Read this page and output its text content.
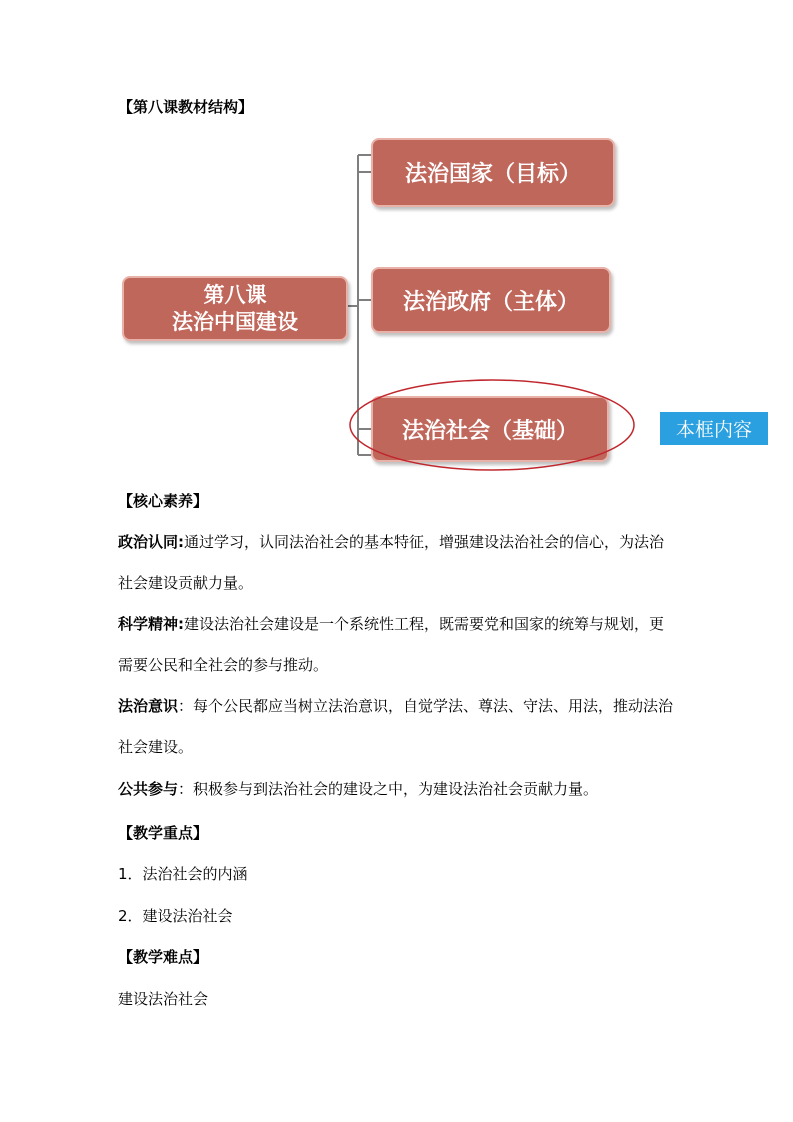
【第八课教材结构】
第八课
法治中国建设
法治国家（目标）
法治政府（主体）
法治社会（基础）	本框内容
【核心素养】
政治认同:通过学习，认同法治社会的基本特征，增强建设法治社会的信心，为法治社会建设贡献力量。
科学精神:建设法治社会建设是一个系统性工程，既需要党和国家的统筹与规划，更需要公民和全社会的参与推动。
法治意识：每个公民都应当树立法治意识，自觉学法、尊法、守法、用法，推动法治社会建设。
公共参与：积极参与到法治社会的建设之中，为建设法治社会贡献力量。
【教学重点】
1．法治社会的内涵
2．建设法治社会
【教学难点】
建设法治社会
